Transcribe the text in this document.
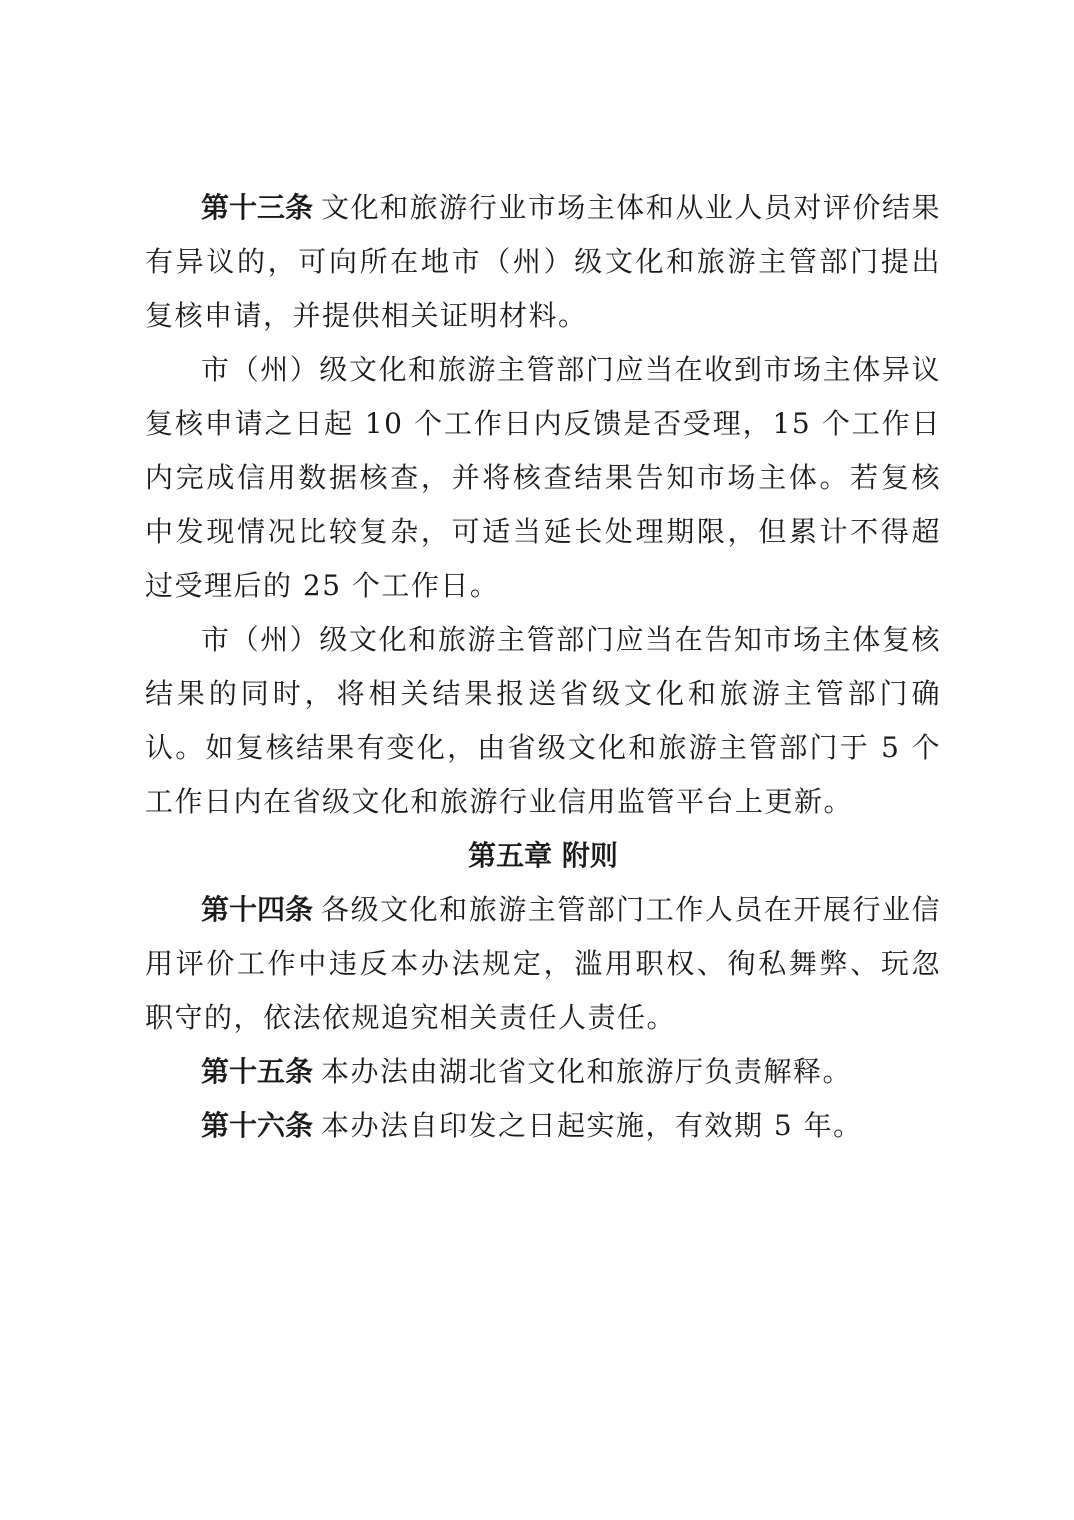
第十三条 文化和旅游行业市场主体和从业人员对评价结果有异议的，可向所在地市（州）级文化和旅游主管部门提出复核申请，并提供相关证明材料。

市（州）级文化和旅游主管部门应当在收到市场主体异议复核申请之日起 10 个工作日内反馈是否受理，15 个工作日内完成信用数据核查，并将核查结果告知市场主体。若复核中发现情况比较复杂，可适当延长处理期限，但累计不得超过受理后的 25 个工作日。

市（州）级文化和旅游主管部门应当在告知市场主体复核结果的同时，将相关结果报送省级文化和旅游主管部门确认。如复核结果有变化，由省级文化和旅游主管部门于 5 个工作日内在省级文化和旅游行业信用监管平台上更新。

第五章 附则

第十四条 各级文化和旅游主管部门工作人员在开展行业信用评价工作中违反本办法规定，滥用职权、徇私舞弊、玩忽职守的，依法依规追究相关责任人责任。

第十五条 本办法由湖北省文化和旅游厅负责解释。

第十六条 本办法自印发之日起实施，有效期 5 年。
